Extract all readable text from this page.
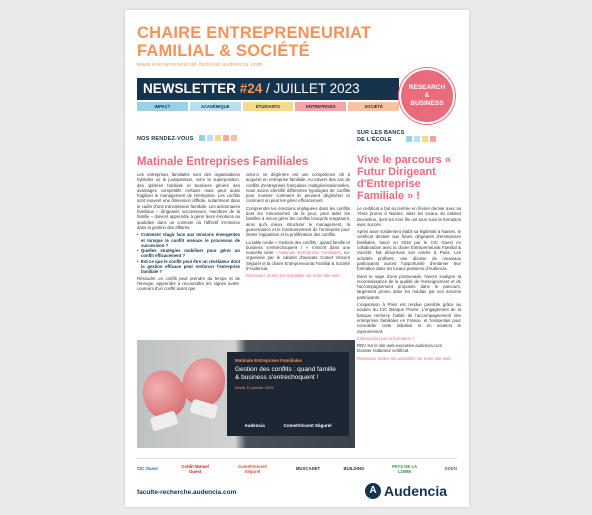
CHAIRE ENTREPRENEURIAT
FAMILIAL & SOCIÉTÉ
www.entrepreneuriat-familial.audencia.com
NEWSLETTER #24 / JUILLET 2023	RESEARCH
&
BUSINESS
IMPACT	ACADÉMIQUE	ÉTUDIANTS	ENTREPRISES	SOCIÉTÉ
NOS RENDEZ-VOUS
Matinale Entreprises Familiales

Les entreprises familiales sont des organisations hybrides où la juxtaposition, voire la superposition, des sphères familiale et business génère des avantages compétitifs certains mais peut aussi fragiliser le management de l'entreprise. Les conflits sont souvent une dimension difficile, notamment dans le cadre d'une transmission familiale. Les actionnaires familiaux – dirigeants successeurs, membres de la famille – doivent apprendre à gérer leurs émotions au quotidien dans un contexte où l'affectif s'immisce dans la gestion des affaires.

• Comment réagir face aux tensions émergentes et lorsque le conflit menace le processus de succession ?
• Quelles stratégies mobiliser pour gérer un conflit efficacement ?
• Est-ce que le conflit peut être un révélateur dont la gestion efficace peut renforcer l'entreprise familiale ?

Résoudre un conflit peut prendre du temps et de l'énergie, apprendre à reconnaître les signes avant-coureurs d'un conflit avant que

celui-ci ne dégénère est une compétence clé à acquérir en entreprise familiale. Au travers des cas de conflits d'entreprises françaises multigénérationnelles, nous avons identifié différentes typologies de conflits pour montrer comment ils peuvent dégénérer et comment on peut les gérer efficacement.

Comprendre les émotions impliquées dans les conflits dont les mécanismes de la peur, peut aider les familles à mieux gérer les conflits lorsqu'ils surgissent, ainsi qu'à mieux structurer le management, la gouvernance et le fonctionnement de l'entreprise pour limiter l'apparition et la prolifération des conflits.

La table ronde « Gestion des conflits : quand famille et business s'entrechoquent ! » s'inscrit dans une nouvelle série - Matinale Entreprises Familiales, co-organisée par le cabinet d'avocats Comet Vincent Ségurel et la chaire Entrepreneuriat Familial & Société d'Audencia.

Retrouvez toutes les actualités sur notre site web.

Matinale Entreprises Familiales
Gestion des conflits : quand famille & business s'entrechoquent !
Mardi 21 janvier 2025
Audencia	CometVincent Ségurel
SUR LES BANCS
DE L'ÉCOLE
Vive le parcours « Futur Dirigeant d'Entreprise Familiale » !

Le certificat a fait sa rentrée en février dernier avec sa 7ème promo à Nantes, dans les locaux du cabinet Devonline, dont les trois fils ont tous suivi la formation avec succès.

Après avoir solidement établi sa légitimité à Nantes, le certificat destiné aux futurs dirigeants d'entreprises familiales, lancé en 2016 par le CIC Ouest en collaboration avec la chaire Entrepreneuriat Familial & Société, fait désormais son entrée à Paris. Les activités profitent, une dizaine de nouveaux participants auront l'opportunité d'entamer leur formation dans les locaux parisiens d'Audencia.

Dans le sage d'une promenade, l'ancre souligne la reconnaissance de la qualité de l'enseignement et de l'accompagnement proposés dans le parcours, largement promu dans les médias par ses anciens participants.

L'expansion à Paris est rendue possible grâce au soutien du CIC Banque Privée. L'engagement de la banque renforce l'utilité de l'accompagnement des entreprises familiales en France, et l'esssentiel pour consolider cette initiative et en soutenir le rayonnement.

Intéressé(e) par la formation ?

RDV sur le site web executive.audencia.com
Dossier rédacteur certificat.

Retrouvez toutes les actualités sur notre site web.

CIC Ouest	Crédit Mutuel Ouest
CometVincent Ségurel	MUSCADET	BUILDING	PAYS DE LA LOIRE	ÉDEN
faculte-recherche.audencia.com	A Audencia
